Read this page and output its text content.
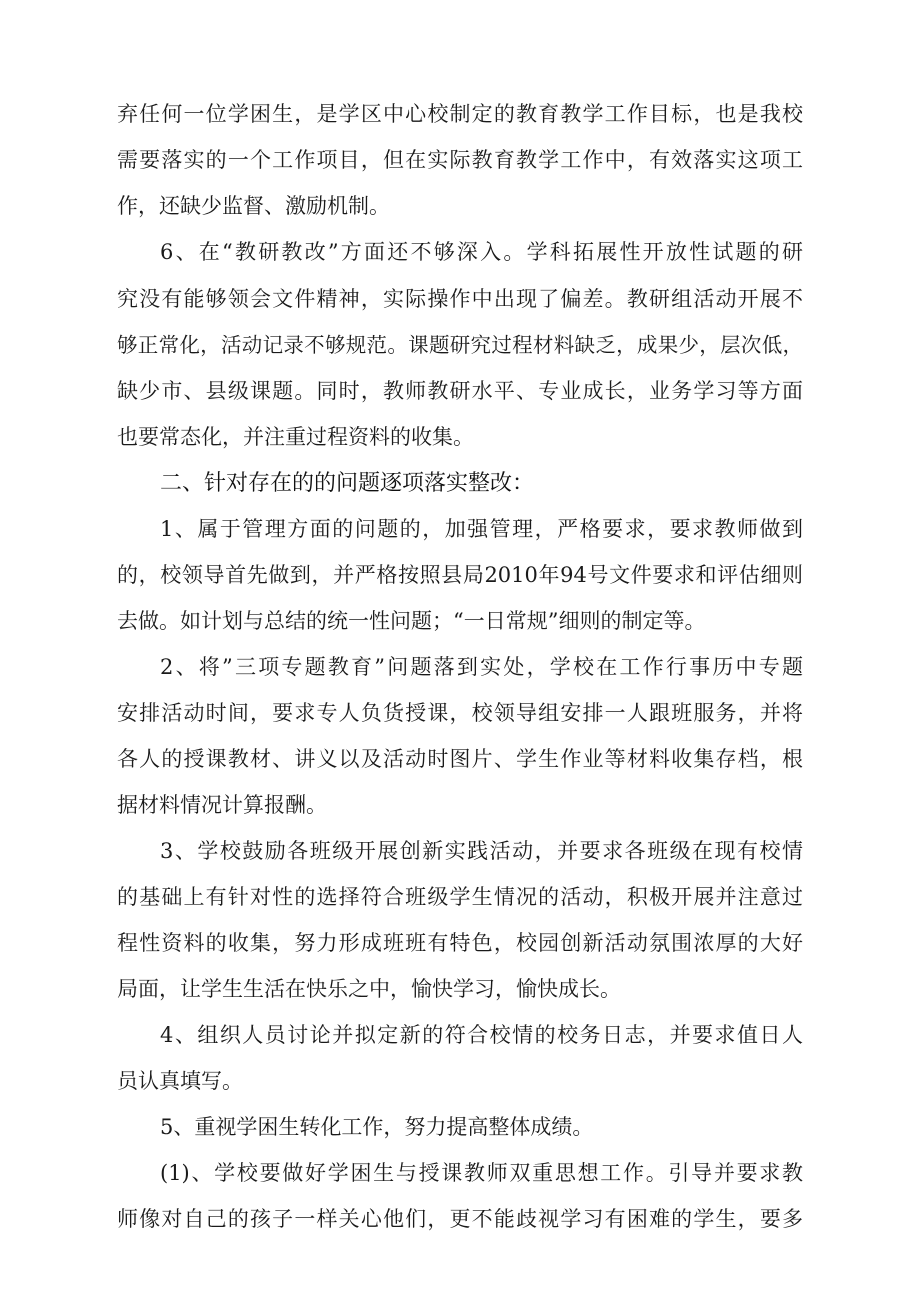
弃任何一位学困生，是学区中心校制定的教育教学工作目标，也是我校
需要落实的一个工作项目，但在实际教育教学工作中，有效落实这项工
作，还缺少监督、激励机制。
6、在“教研教改”方面还不够深入。学科拓展性开放性试题的研
究没有能够领会文件精神，实际操作中出现了偏差。教研组活动开展不
够正常化，活动记录不够规范。课题研究过程材料缺乏，成果少，层次低，
缺少市、县级课题。同时，教师教研水平、专业成长，业务学习等方面
也要常态化，并注重过程资料的收集。
二、针对存在的的问题逐项落实整改：
1、属于管理方面的问题的，加强管理，严格要求，要求教师做到
的，校领导首先做到，并严格按照县局2010年94号文件要求和评估细则
去做。如计划与总结的统一性问题；“一日常规”细则的制定等。
2、将”三项专题教育”问题落到实处，学校在工作行事历中专题
安排活动时间，要求专人负货授课，校领导组安排一人跟班服务，并将
各人的授课教材、讲义以及活动时图片、学生作业等材料收集存档，根
据材料情况计算报酬。
3、学校鼓励各班级开展创新实践活动，并要求各班级在现有校情
的基础上有针对性的选择符合班级学生情况的活动，积极开展并注意过
程性资料的收集，努力形成班班有特色，校园创新活动氛围浓厚的大好
局面，让学生生活在快乐之中，愉快学习，愉快成长。
4、组织人员讨论并拟定新的符合校情的校务日志，并要求值日人
员认真填写。
5、重视学困生转化工作，努力提高整体成绩。
(1)、学校要做好学困生与授课教师双重思想工作。引导并要求教
师像对自己的孩子一样关心他们，更不能歧视学习有困难的学生，要多
